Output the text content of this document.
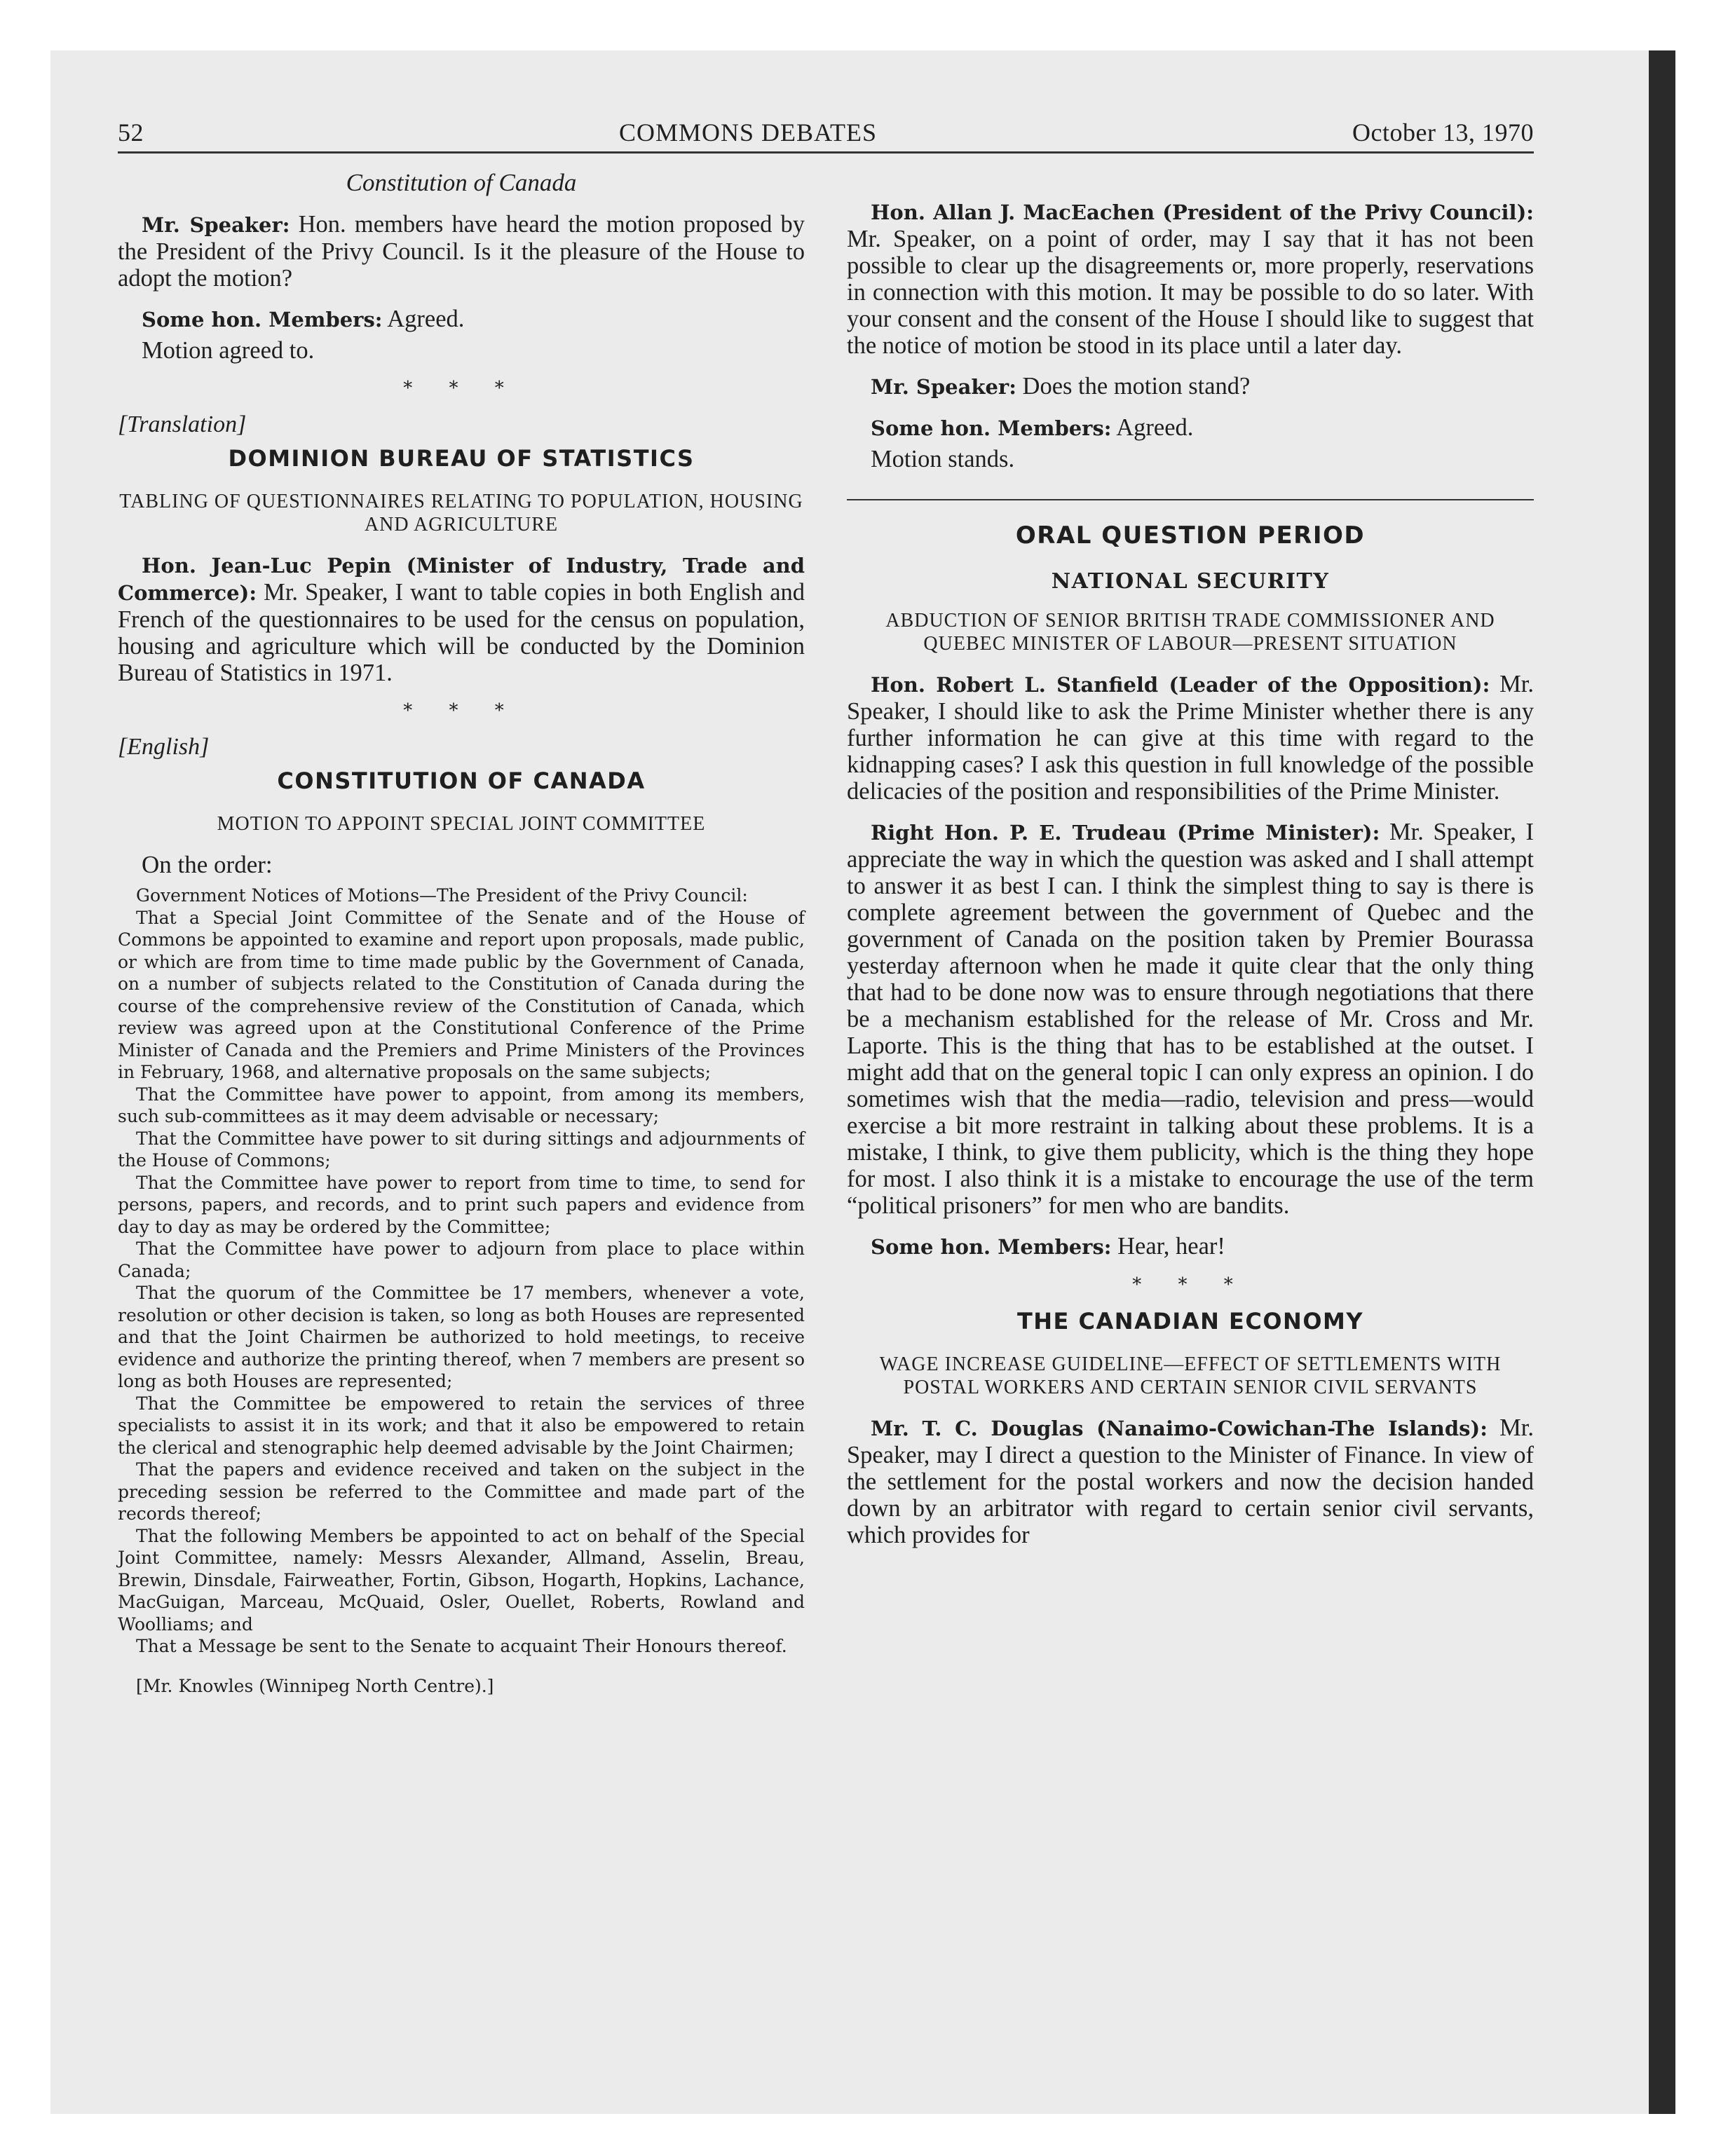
52	COMMONS DEBATES	October 13, 1970
Constitution of Canada

Mr. Speaker: Hon. members have heard the motion proposed by the President of the Privy Council. Is it the pleasure of the House to adopt the motion?

Some hon. Members: Agreed.

Motion agreed to.

* * *
[Translation]
DOMINION BUREAU OF STATISTICS
TABLING OF QUESTIONNAIRES RELATING TO POPULATION, HOUSING AND AGRICULTURE

Hon. Jean-Luc Pepin (Minister of Industry, Trade and Commerce): Mr. Speaker, I want to table copies in both English and French of the questionnaires to be used for the census on population, housing and agriculture which will be conducted by the Dominion Bureau of Statistics in 1971.

* * *
[English]
CONSTITUTION OF CANADA
MOTION TO APPOINT SPECIAL JOINT COMMITTEE
On the order:

Government Notices of Motions—The President of the Privy Council:

That a Special Joint Committee of the Senate and of the House of Commons be appointed to examine and report upon proposals, made public, or which are from time to time made public by the Government of Canada, on a number of subjects related to the Constitution of Canada during the course of the comprehensive review of the Constitution of Canada, which review was agreed upon at the Constitutional Conference of the Prime Minister of Canada and the Premiers and Prime Ministers of the Provinces in February, 1968, and alternative proposals on the same subjects;

That the Committee have power to appoint, from among its members, such sub-committees as it may deem advisable or necessary;

That the Committee have power to sit during sittings and adjournments of the House of Commons;

That the Committee have power to report from time to time, to send for persons, papers, and records, and to print such papers and evidence from day to day as may be ordered by the Committee;

That the Committee have power to adjourn from place to place within Canada;

That the quorum of the Committee be 17 members, whenever a vote, resolution or other decision is taken, so long as both Houses are represented and that the Joint Chairmen be authorized to hold meetings, to receive evidence and authorize the printing thereof, when 7 members are present so long as both Houses are represented;

That the Committee be empowered to retain the services of three specialists to assist it in its work; and that it also be empowered to retain the clerical and stenographic help deemed advisable by the Joint Chairmen;

That the papers and evidence received and taken on the subject in the preceding session be referred to the Committee and made part of the records thereof;

That the following Members be appointed to act on behalf of the Special Joint Committee, namely: Messrs Alexander, Allmand, Asselin, Breau, Brewin, Dinsdale, Fairweather, Fortin, Gibson, Hogarth, Hopkins, Lachance, MacGuigan, Marceau, McQuaid, Osler, Ouellet, Roberts, Rowland and Woolliams; and

That a Message be sent to the Senate to acquaint Their Honours thereof.

[Mr. Knowles (Winnipeg North Centre).]

Hon. Allan J. MacEachen (President of the Privy Council): Mr. Speaker, on a point of order, may I say that it has not been possible to clear up the disagreements or, more properly, reservations in connection with this motion. It may be possible to do so later. With your consent and the consent of the House I should like to suggest that the notice of motion be stood in its place until a later day.

Mr. Speaker: Does the motion stand?

Some hon. Members: Agreed.

Motion stands.

ORAL QUESTION PERIOD
NATIONAL SECURITY
ABDUCTION OF SENIOR BRITISH TRADE COMMISSIONER AND QUEBEC MINISTER OF LABOUR—PRESENT SITUATION

Hon. Robert L. Stanfield (Leader of the Opposition): Mr. Speaker, I should like to ask the Prime Minister whether there is any further information he can give at this time with regard to the kidnapping cases? I ask this question in full knowledge of the possible delicacies of the position and responsibilities of the Prime Minister.

Right Hon. P. E. Trudeau (Prime Minister): Mr. Speaker, I appreciate the way in which the question was asked and I shall attempt to answer it as best I can. I think the simplest thing to say is there is complete agreement between the government of Quebec and the government of Canada on the position taken by Premier Bourassa yesterday afternoon when he made it quite clear that the only thing that had to be done now was to ensure through negotiations that there be a mechanism established for the release of Mr. Cross and Mr. Laporte. This is the thing that has to be established at the outset. I might add that on the general topic I can only express an opinion. I do sometimes wish that the media—radio, television and press—would exercise a bit more restraint in talking about these problems. It is a mistake, I think, to give them publicity, which is the thing they hope for most. I also think it is a mistake to encourage the use of the term “political prisoners” for men who are bandits.

Some hon. Members: Hear, hear!

* * *
THE CANADIAN ECONOMY
WAGE INCREASE GUIDELINE—EFFECT OF SETTLEMENTS WITH POSTAL WORKERS AND CERTAIN SENIOR CIVIL SERVANTS

Mr. T. C. Douglas (Nanaimo-Cowichan-The Islands): Mr. Speaker, may I direct a question to the Minister of Finance. In view of the settlement for the postal workers and now the decision handed down by an arbitrator with regard to certain senior civil servants, which provides for
